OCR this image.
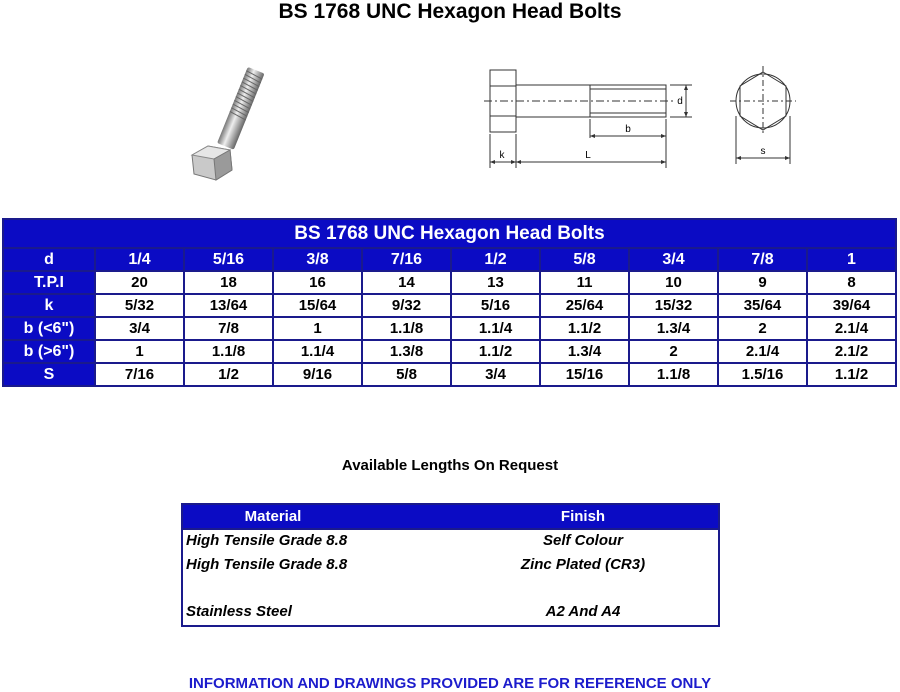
BS 1768 UNC Hexagon Head Bolts
k	L
b
d
s
BS 1768 UNC Hexagon Head Bolts									
d	1/4	5/16	3/8	7/16	1/2	5/8	3/4	7/8	1
T.P.I	20	18	16	14	13	11	10	9	8
k	5/32	13/64	15/64	9/32	5/16	25/64	15/32	35/64	39/64
b (<6")	3/4	7/8	1	1.1/8	1.1/4	1.1/2	1.3/4	2	2.1/4
b (>6")	1	1.1/8	1.1/4	1.3/8	1.1/2	1.3/4	2	2.1/4	2.1/2
S	7/16	1/2	9/16	5/8	3/4	15/16	1.1/8	1.5/16	1.1/2
Available Lengths On Request
Material	Finish
High Tensile Grade 8.8	Self Colour
High Tensile Grade 8.8	Zinc Plated (CR3)
Stainless Steel	A2 And A4
INFORMATION AND DRAWINGS PROVIDED ARE FOR REFERENCE ONLY
